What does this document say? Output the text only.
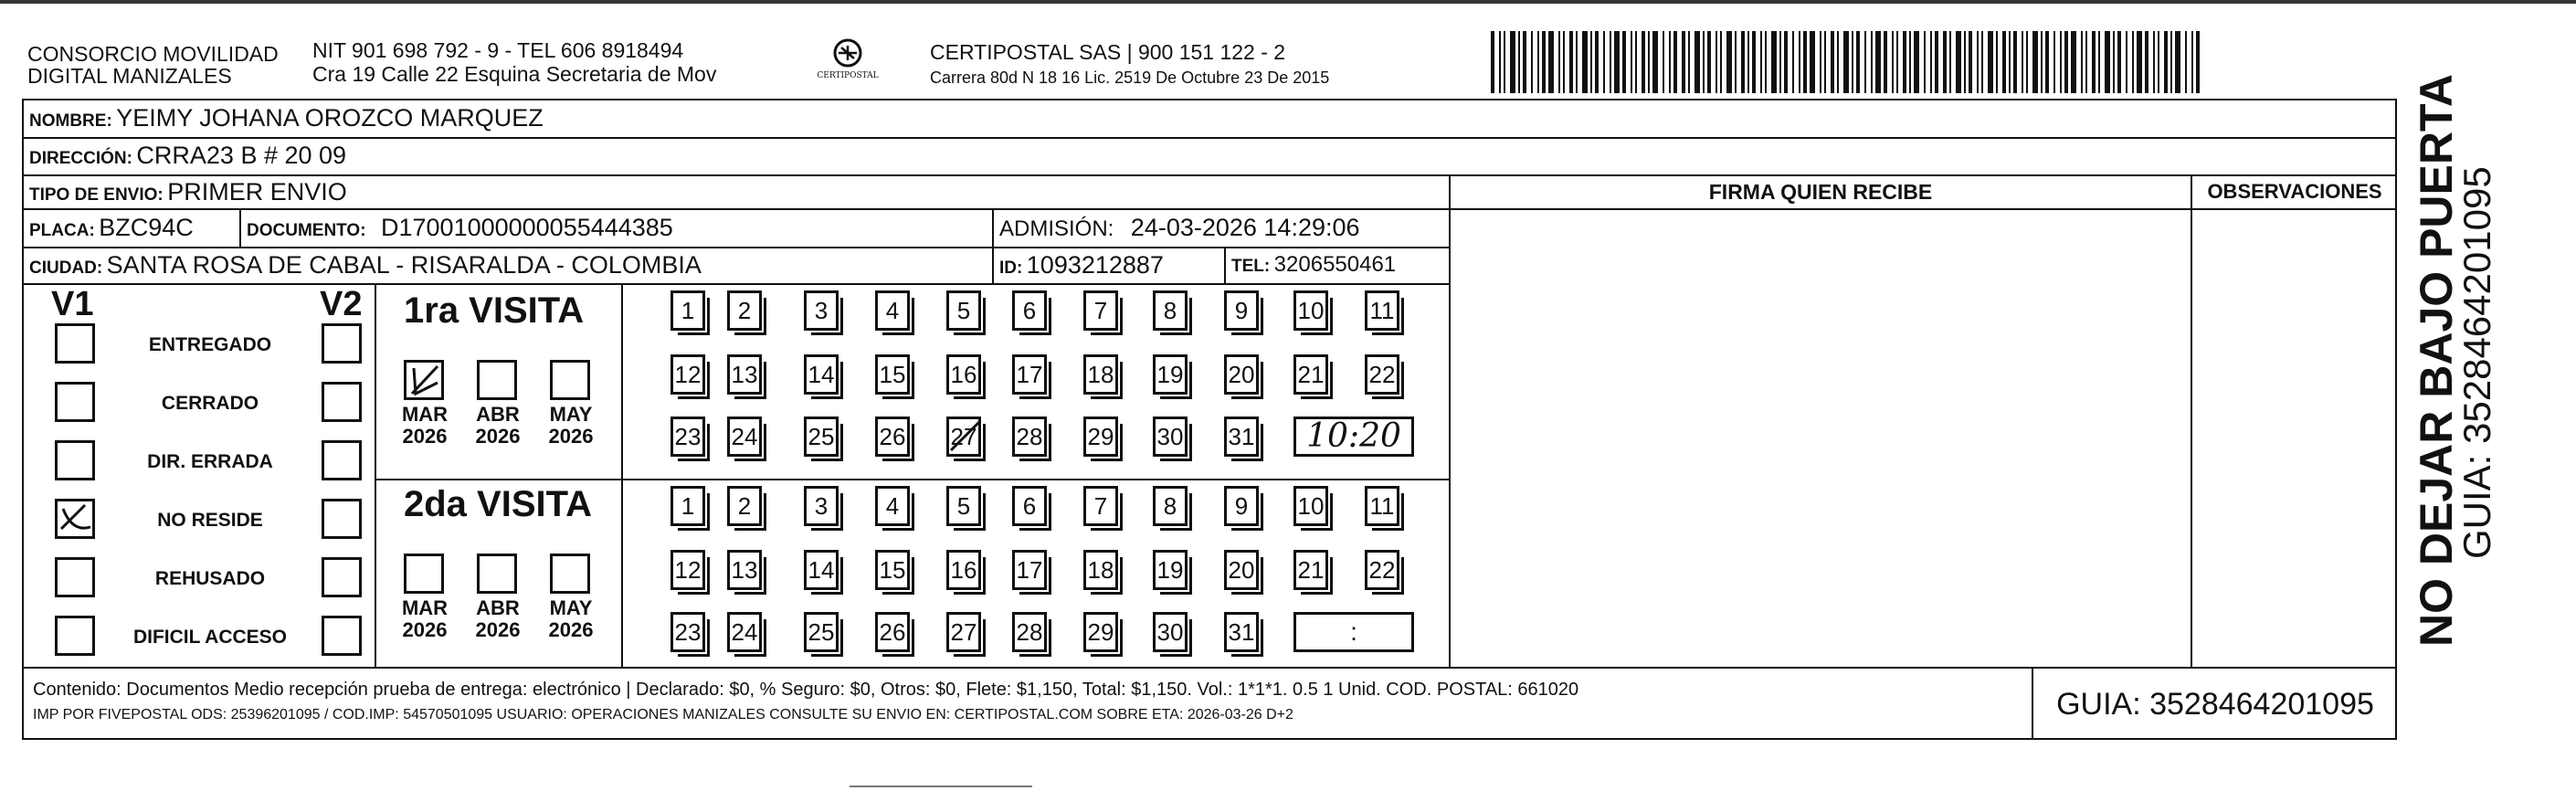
CONSORCIO MOVILIDAD
DIGITAL MANIZALES
NIT 901 698 792 - 9 - TEL 606 8918494
Cra 19 Calle 22 Esquina Secretaria de Mov	CERTIPOSTAL
CERTIPOSTAL SAS | 900 151 122 - 2
Carrera 80d N 18 16 Lic. 2519 De Octubre 23 De 2015
NOMBRE: YEIMY JOHANA OROZCO MARQUEZ
DIRECCIÓN: CRRA23 B # 20 09
TIPO DE ENVIO: PRIMER ENVIO
PLACA: BZC94C	DOCUMENTO: D17001000000055444385	ADMISIÓN: 24-03-2026 14:29:06
CIUDAD: SANTA ROSA DE CABAL - RISARALDA - COLOMBIA	ID: 1093212887	TEL: 3206550461
FIRMA QUIEN RECIBE	OBSERVACIONES
V1	V2
ENTREGADO
CERRADO
DIR. ERRADA
NO RESIDE
REHUSADO
DIFICIL ACCESO
1ra VISITA
2da VISITA
MAR
2026
ABR
2026
MAY
2026
MAR
2026
ABR
2026
MAY
2026
1	2	3	4	5	6	7	8	9	10 11
12 13 14 15 16 17 18 19 20 21 22
23 24 25 26 27 28 29 30 31	10:20
1	2	3	4	5	6	7	8	9	10 11
12 13 14 15 16 17 18 19 20 21 22
23 24 25 26 27 28 29 30 31	:
Contenido: Documentos Medio recepción prueba de entrega: electrónico | Declarado: $0, % Seguro: $0, Otros: $0, Flete: $1,150, Total: $1,150. Vol.: 1*1*1. 0.5 1 Unid. COD. POSTAL: 661020
IMP POR FIVEPOSTAL ODS: 25396201095 / COD.IMP: 54570501095 USUARIO: OPERACIONES MANIZALES CONSULTE SU ENVIO EN: CERTIPOSTAL.COM SOBRE ETA: 2026-03-26 D+2	GUIA: 3528464201095
NO DEJAR BAJO PUERTA
GUIA: 3528464201095
